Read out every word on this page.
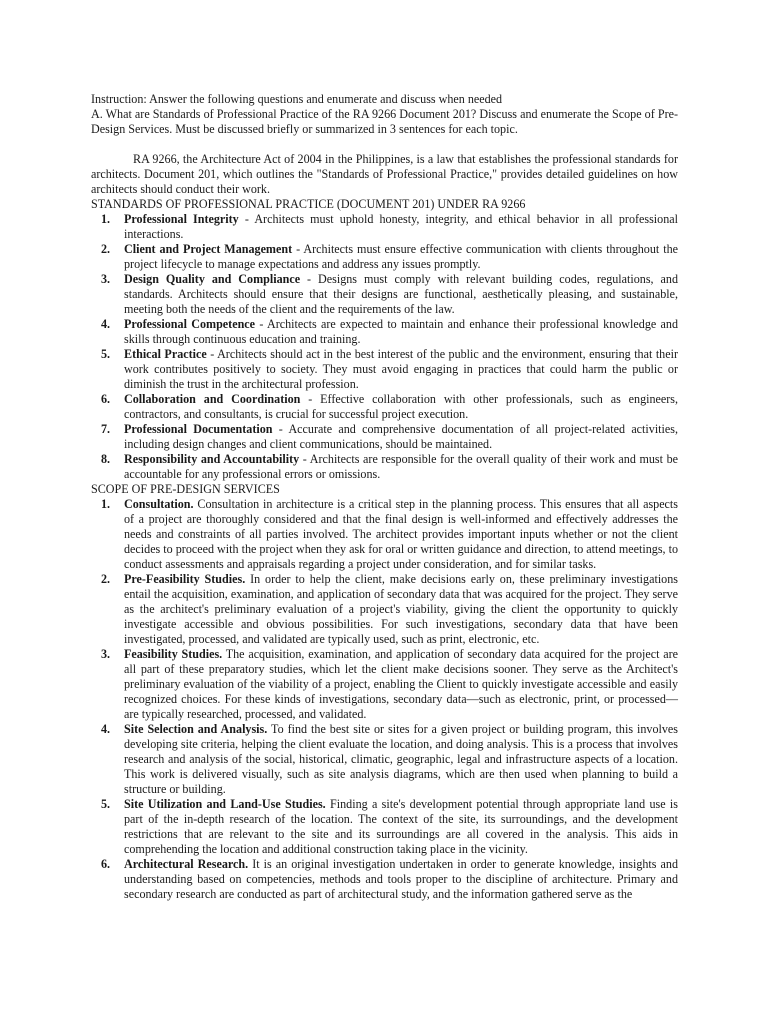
Instruction: Answer the following questions and enumerate and discuss when needed

A. What are Standards of Professional Practice of the RA 9266 Document 201? Discuss and enumerate the Scope of Pre- Design Services. Must be discussed briefly or summarized in 3 sentences for each topic.

RA 9266, the Architecture Act of 2004 in the Philippines, is a law that establishes the professional standards for architects. Document 201, which outlines the "Standards of Professional Practice," provides detailed guidelines on how architects should conduct their work.

STANDARDS OF PROFESSIONAL PRACTICE (DOCUMENT 201) UNDER RA 9266

1. Professional Integrity - Architects must uphold honesty, integrity, and ethical behavior in all professional interactions.
2. Client and Project Management - Architects must ensure effective communication with clients throughout the project lifecycle to manage expectations and address any issues promptly.
3. Design Quality and Compliance - Designs must comply with relevant building codes, regulations, and standards. Architects should ensure that their designs are functional, aesthetically pleasing, and sustainable, meeting both the needs of the client and the requirements of the law.
4. Professional Competence - Architects are expected to maintain and enhance their professional knowledge and skills through continuous education and training.
5. Ethical Practice - Architects should act in the best interest of the public and the environment, ensuring that their work contributes positively to society. They must avoid engaging in practices that could harm the public or diminish the trust in the architectural profession.
6. Collaboration and Coordination - Effective collaboration with other professionals, such as engineers, contractors, and consultants, is crucial for successful project execution.
7. Professional Documentation - Accurate and comprehensive documentation of all project-related activities, including design changes and client communications, should be maintained.
8. Responsibility and Accountability - Architects are responsible for the overall quality of their work and must be accountable for any professional errors or omissions.

SCOPE OF PRE-DESIGN SERVICES

1. Consultation. Consultation in architecture is a critical step in the planning process. This ensures that all aspects of a project are thoroughly considered and that the final design is well-informed and effectively addresses the needs and constraints of all parties involved. The architect provides important inputs whether or not the client decides to proceed with the project when they ask for oral or written guidance and direction, to attend meetings, to conduct assessments and appraisals regarding a project under consideration, and for similar tasks.
2. Pre-Feasibility Studies. In order to help the client, make decisions early on, these preliminary investigations entail the acquisition, examination, and application of secondary data that was acquired for the project. They serve as the architect's preliminary evaluation of a project's viability, giving the client the opportunity to quickly investigate accessible and obvious possibilities. For such investigations, secondary data that have been investigated, processed, and validated are typically used, such as print, electronic, etc.
3. Feasibility Studies. The acquisition, examination, and application of secondary data acquired for the project are all part of these preparatory studies, which let the client make decisions sooner. They serve as the Architect's preliminary evaluation of the viability of a project, enabling the Client to quickly investigate accessible and easily recognized choices. For these kinds of investigations, secondary data—such as electronic, print, or processed—are typically researched, processed, and validated.
4. Site Selection and Analysis. To find the best site or sites for a given project or building program, this involves developing site criteria, helping the client evaluate the location, and doing analysis. This is a process that involves research and analysis of the social, historical, climatic, geographic, legal and infrastructure aspects of a location. This work is delivered visually, such as site analysis diagrams, which are then used when planning to build a structure or building.
5. Site Utilization and Land-Use Studies. Finding a site's development potential through appropriate land use is part of the in-depth research of the location. The context of the site, its surroundings, and the development restrictions that are relevant to the site and its surroundings are all covered in the analysis. This aids in comprehending the location and additional construction taking place in the vicinity.
6. Architectural Research. It is an original investigation undertaken in order to generate knowledge, insights and understanding based on competencies, methods and tools proper to the discipline of architecture. Primary and secondary research are conducted as part of architectural study, and the information gathered serve as the
